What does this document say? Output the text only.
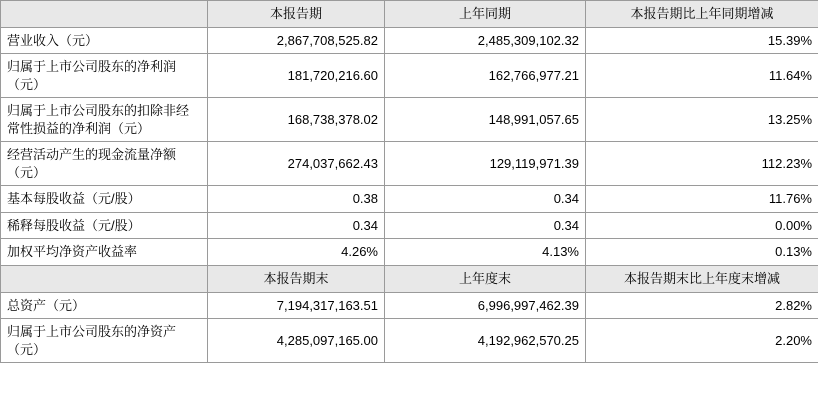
	本报告期	上年同期	本报告期比上年同期增减
营业收入（元）	2,867,708,525.82	2,485,309,102.32	15.39%
归属于上市公司股东的净利润（元）	181,720,216.60	162,766,977.21	11.64%
归属于上市公司股东的扣除非经常性损益的净利润（元）	168,738,378.02	148,991,057.65	13.25%
经营活动产生的现金流量净额（元）	274,037,662.43	129,119,971.39	112.23%
基本每股收益（元/股）	0.38	0.34	11.76%
稀释每股收益（元/股）	0.34	0.34	0.00%
加权平均净资产收益率	4.26%	4.13%	0.13%
	本报告期末	上年度末	本报告期末比上年度末增减
总资产（元）	7,194,317,163.51	6,996,997,462.39	2.82%
归属于上市公司股东的净资产（元）	4,285,097,165.00	4,192,962,570.25	2.20%
